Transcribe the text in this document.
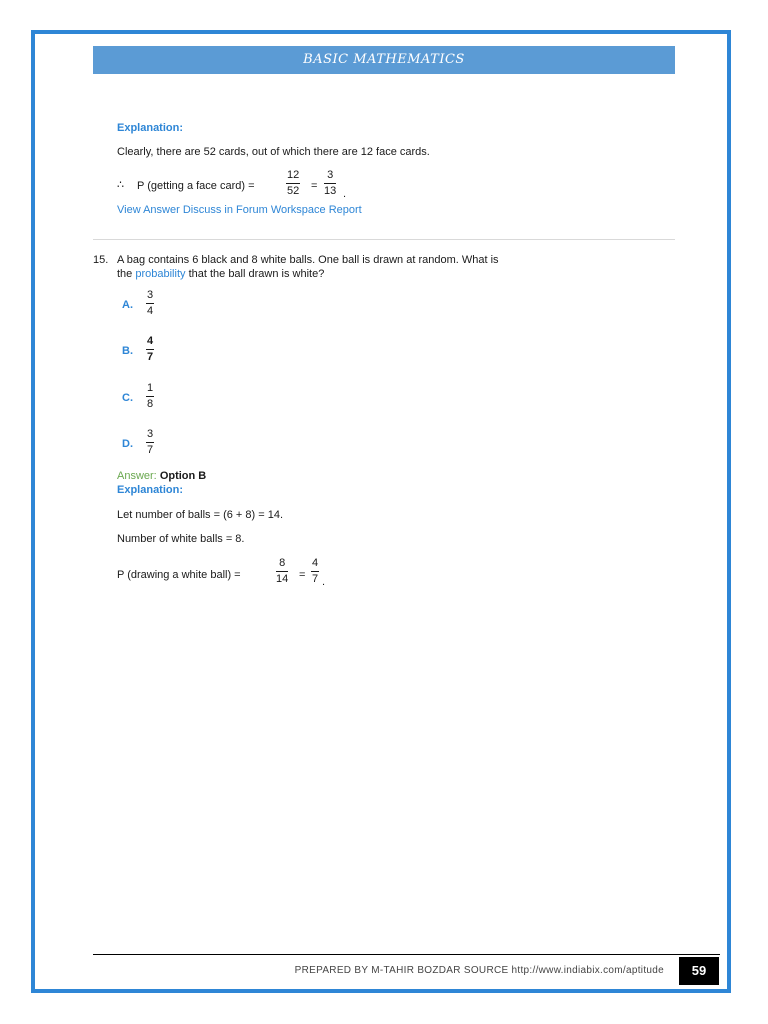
BASIC MATHEMATICS
Explanation:
Clearly, there are 52 cards, out of which there are 12 face cards.
∴ P (getting a face card) =	$\frac{12}{52} = \frac{3}{13}$ .
View Answer Discuss in Forum Workspace Report
15. A bag contains 6 black and 8 white balls. One ball is drawn at random. What is
the probability that the ball drawn is white?
A. $\frac{3}{4}$
B. $\frac{4}{7}$
C. $\frac{1}{8}$
D. $\frac{3}{7}$
Answer: Option B
Explanation:
Let number of balls = (6 + 8) = 14.
Number of white balls = 8.
P (drawing a white ball) =	$\frac{8}{14} = \frac{4}{7}$ .
PREPARED BY M-TAHIR BOZDAR SOURCE http://www.indiabix.com/aptitude	59
